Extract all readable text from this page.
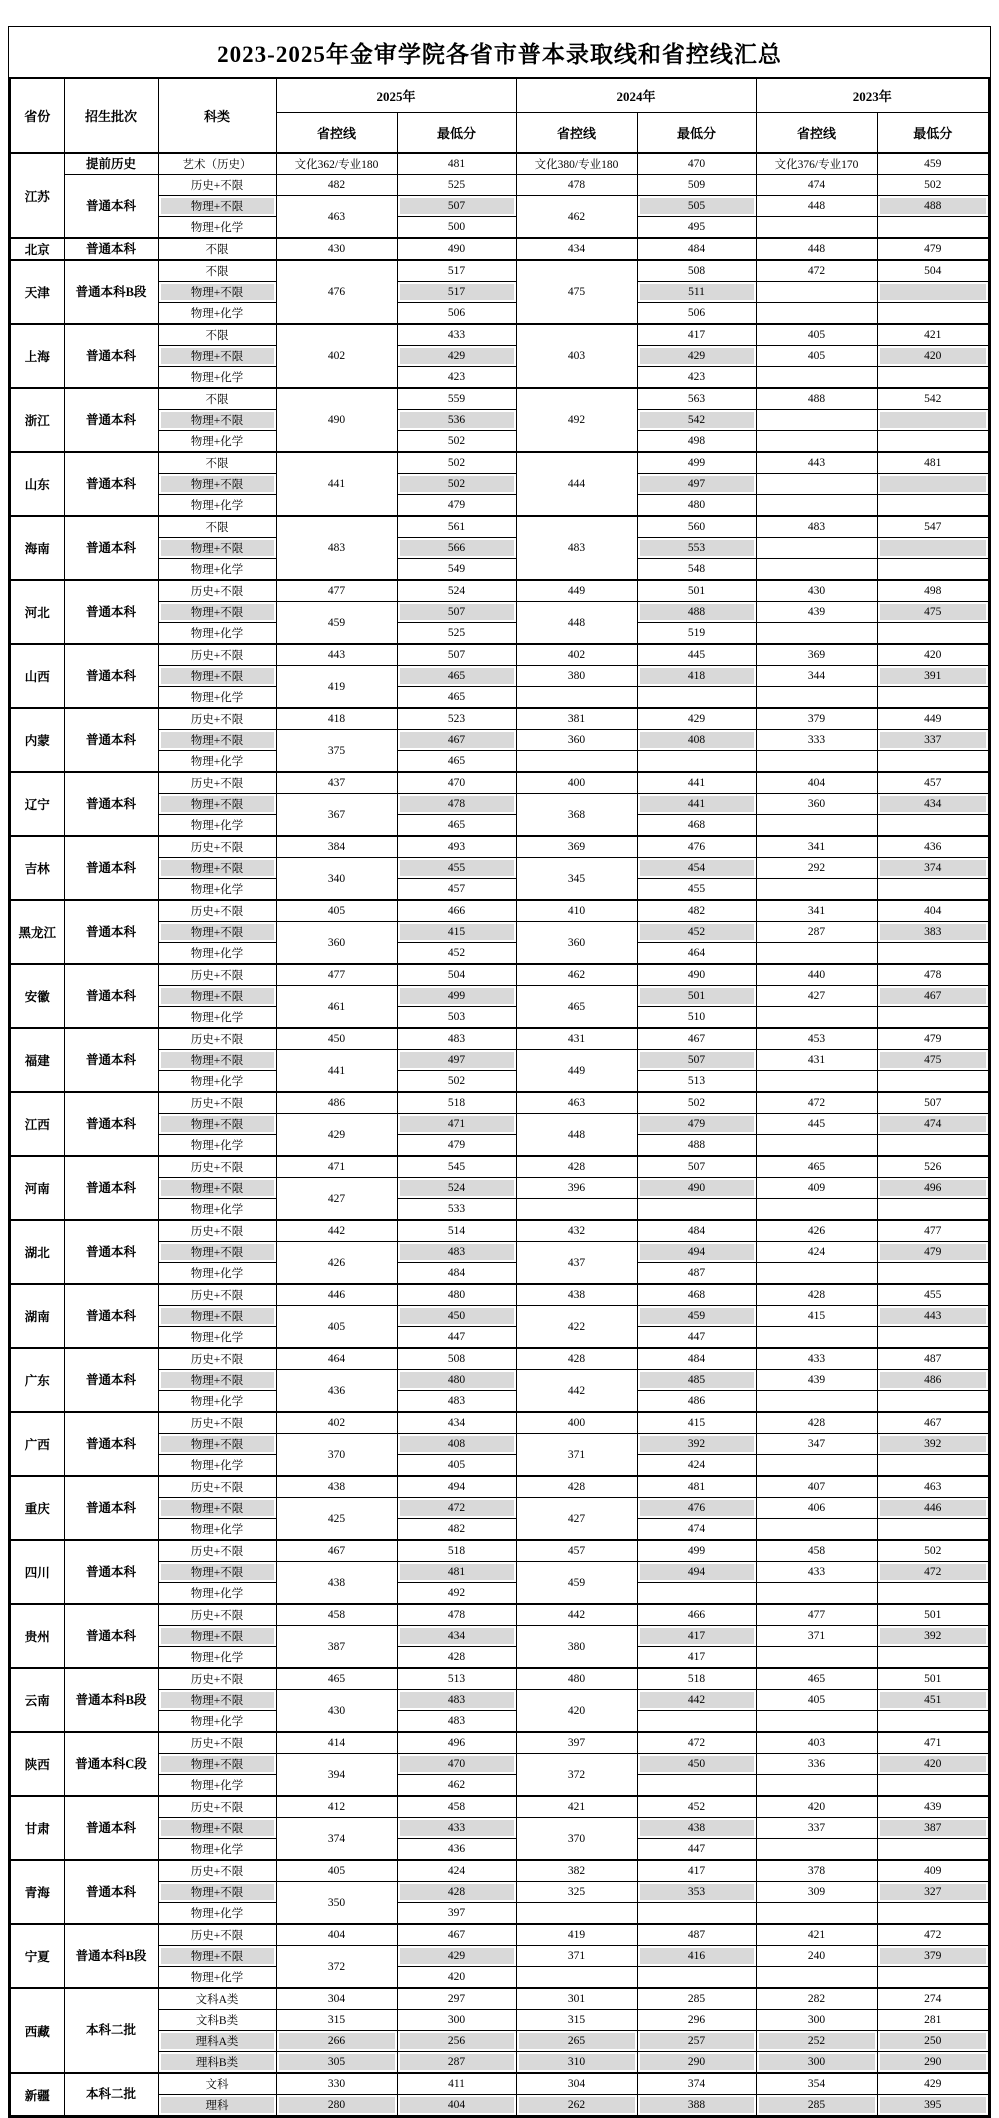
2023-2025年金审学院各省市普本录取线和省控线汇总
省份	招生批次	科类	2025年		2024年		2023年	
			省控线	最低分	省控线	最低分	省控线	最低分
江苏	提前历史	艺术（历史）	文化362/专业180	481	文化380/专业180	470	文化376/专业170	459
	普通本科	历史+不限	482	525	478	509	474	502
		物理+不限	463	507	462	505	448	488
		物理+化学		500		495		
北京	普通本科	不限	430	490	434	484	448	479
天津	普通本科B段	不限	476	517	475	508	472	504
		物理+不限		517		511		
		物理+化学		506		506		
上海	普通本科	不限	402	433	403	417	405	421
		物理+不限		429		429	405	420
		物理+化学		423		423		
浙江	普通本科	不限	490	559	492	563	488	542
		物理+不限		536		542		
		物理+化学		502		498		
山东	普通本科	不限	441	502	444	499	443	481
		物理+不限		502		497		
		物理+化学		479		480		
海南	普通本科	不限	483	561	483	560	483	547
		物理+不限		566		553		
		物理+化学		549		548		
河北	普通本科	历史+不限	477	524	449	501	430	498
		物理+不限	459	507	448	488	439	475
		物理+化学		525		519		
山西	普通本科	历史+不限	443	507	402	445	369	420
		物理+不限	419	465	380	418	344	391
		物理+化学		465				
内蒙	普通本科	历史+不限	418	523	381	429	379	449
		物理+不限	375	467	360	408	333	337
		物理+化学		465				
辽宁	普通本科	历史+不限	437	470	400	441	404	457
		物理+不限	367	478	368	441	360	434
		物理+化学		465		468		
吉林	普通本科	历史+不限	384	493	369	476	341	436
		物理+不限	340	455	345	454	292	374
		物理+化学		457		455		
黑龙江	普通本科	历史+不限	405	466	410	482	341	404
		物理+不限	360	415	360	452	287	383
		物理+化学		452		464		
安徽	普通本科	历史+不限	477	504	462	490	440	478
		物理+不限	461	499	465	501	427	467
		物理+化学		503		510		
福建	普通本科	历史+不限	450	483	431	467	453	479
		物理+不限	441	497	449	507	431	475
		物理+化学		502		513		
江西	普通本科	历史+不限	486	518	463	502	472	507
		物理+不限	429	471	448	479	445	474
		物理+化学		479		488		
河南	普通本科	历史+不限	471	545	428	507	465	526
		物理+不限	427	524	396	490	409	496
		物理+化学		533				
湖北	普通本科	历史+不限	442	514	432	484	426	477
		物理+不限	426	483	437	494	424	479
		物理+化学		484		487		
湖南	普通本科	历史+不限	446	480	438	468	428	455
		物理+不限	405	450	422	459	415	443
		物理+化学		447		447		
广东	普通本科	历史+不限	464	508	428	484	433	487
		物理+不限	436	480	442	485	439	486
		物理+化学		483		486		
广西	普通本科	历史+不限	402	434	400	415	428	467
		物理+不限	370	408	371	392	347	392
		物理+化学		405		424		
重庆	普通本科	历史+不限	438	494	428	481	407	463
		物理+不限	425	472	427	476	406	446
		物理+化学		482		474		
四川	普通本科	历史+不限	467	518	457	499	458	502
		物理+不限	438	481	459	494	433	472
		物理+化学		492				
贵州	普通本科	历史+不限	458	478	442	466	477	501
		物理+不限	387	434	380	417	371	392
		物理+化学		428		417		
云南	普通本科B段	历史+不限	465	513	480	518	465	501
		物理+不限	430	483	420	442	405	451
		物理+化学		483				
陕西	普通本科C段	历史+不限	414	496	397	472	403	471
		物理+不限	394	470	372	450	336	420
		物理+化学		462				
甘肃	普通本科	历史+不限	412	458	421	452	420	439
		物理+不限	374	433	370	438	337	387
		物理+化学		436		447		
青海	普通本科	历史+不限	405	424	382	417	378	409
		物理+不限	350	428	325	353	309	327
		物理+化学		397				
宁夏	普通本科B段	历史+不限	404	467	419	487	421	472
		物理+不限	372	429	371	416	240	379
		物理+化学		420				
西藏	本科二批	文科A类	304	297	301	285	282	274
		文科B类	315	300	315	296	300	281
		理科A类	266	256	265	257	252	250
		理科B类	305	287	310	290	300	290
新疆	本科二批	文科	330	411	304	374	354	429
		理科	280	404	262	388	285	395
